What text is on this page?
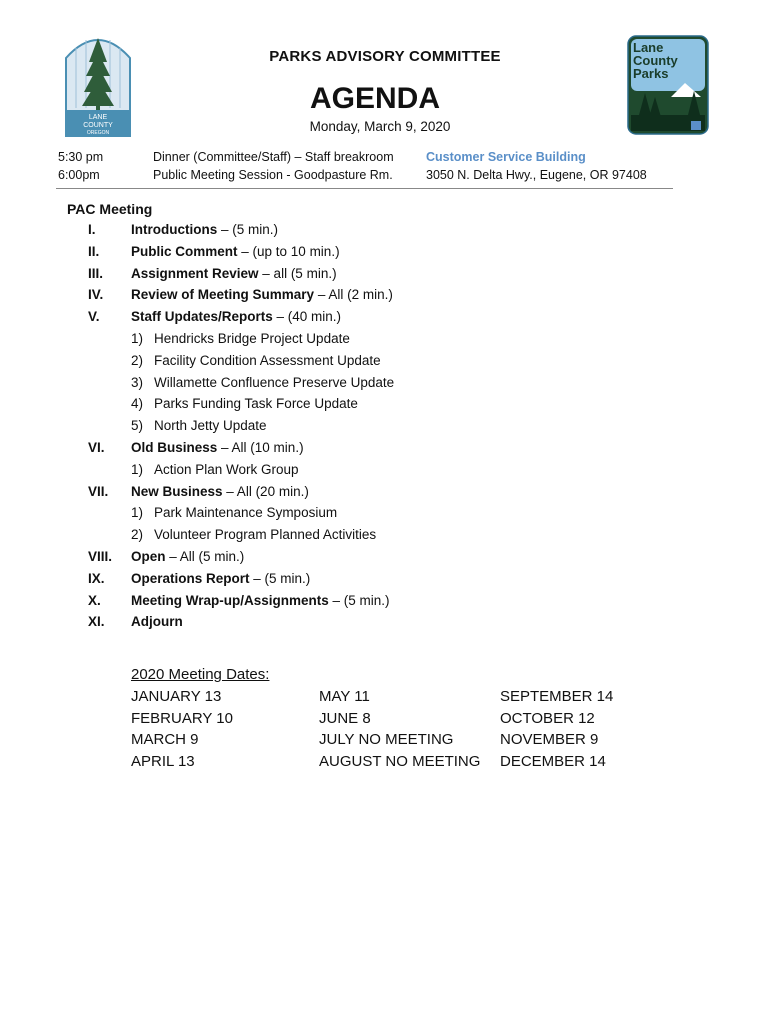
LANE
COUNTY
OREGON
Lane
County
Parks
PARKS ADVISORY COMMITTEE
AGENDA
Monday, March 9, 2020
5:30 pm
6:00pm
Dinner (Committee/Staff) – Staff breakroom
Public Meeting Session - Goodpasture Rm.
Customer Service Building
3050 N. Delta Hwy., Eugene, OR 97408
PAC Meeting
I.	Introductions – (5 min.)
II. Public Comment – (up to 10 min.)
III. Assignment Review – all (5 min.)
IV. Review of Meeting Summary – All (2 min.)
V. Staff Updates/Reports – (40 min.)
1) Hendricks Bridge Project Update
2) Facility Condition Assessment Update
3) Willamette Confluence Preserve Update
4) Parks Funding Task Force Update
5) North Jetty Update
VI. Old Business – All (10 min.)
1) Action Plan Work Group
VII. New Business – All (20 min.)
1) Park Maintenance Symposium
2) Volunteer Program Planned Activities
VIII. Open – All (5 min.)
IX. Operations Report – (5 min.)
X. Meeting Wrap-up/Assignments – (5 min.)
XI. Adjourn
2020 Meeting Dates:
JANUARY 13
FEBRUARY 10
MARCH 9
APRIL 13
MAY 11
JUNE 8
JULY NO MEETING
AUGUST NO MEETING
SEPTEMBER 14
OCTOBER 12
NOVEMBER 9
DECEMBER 14
